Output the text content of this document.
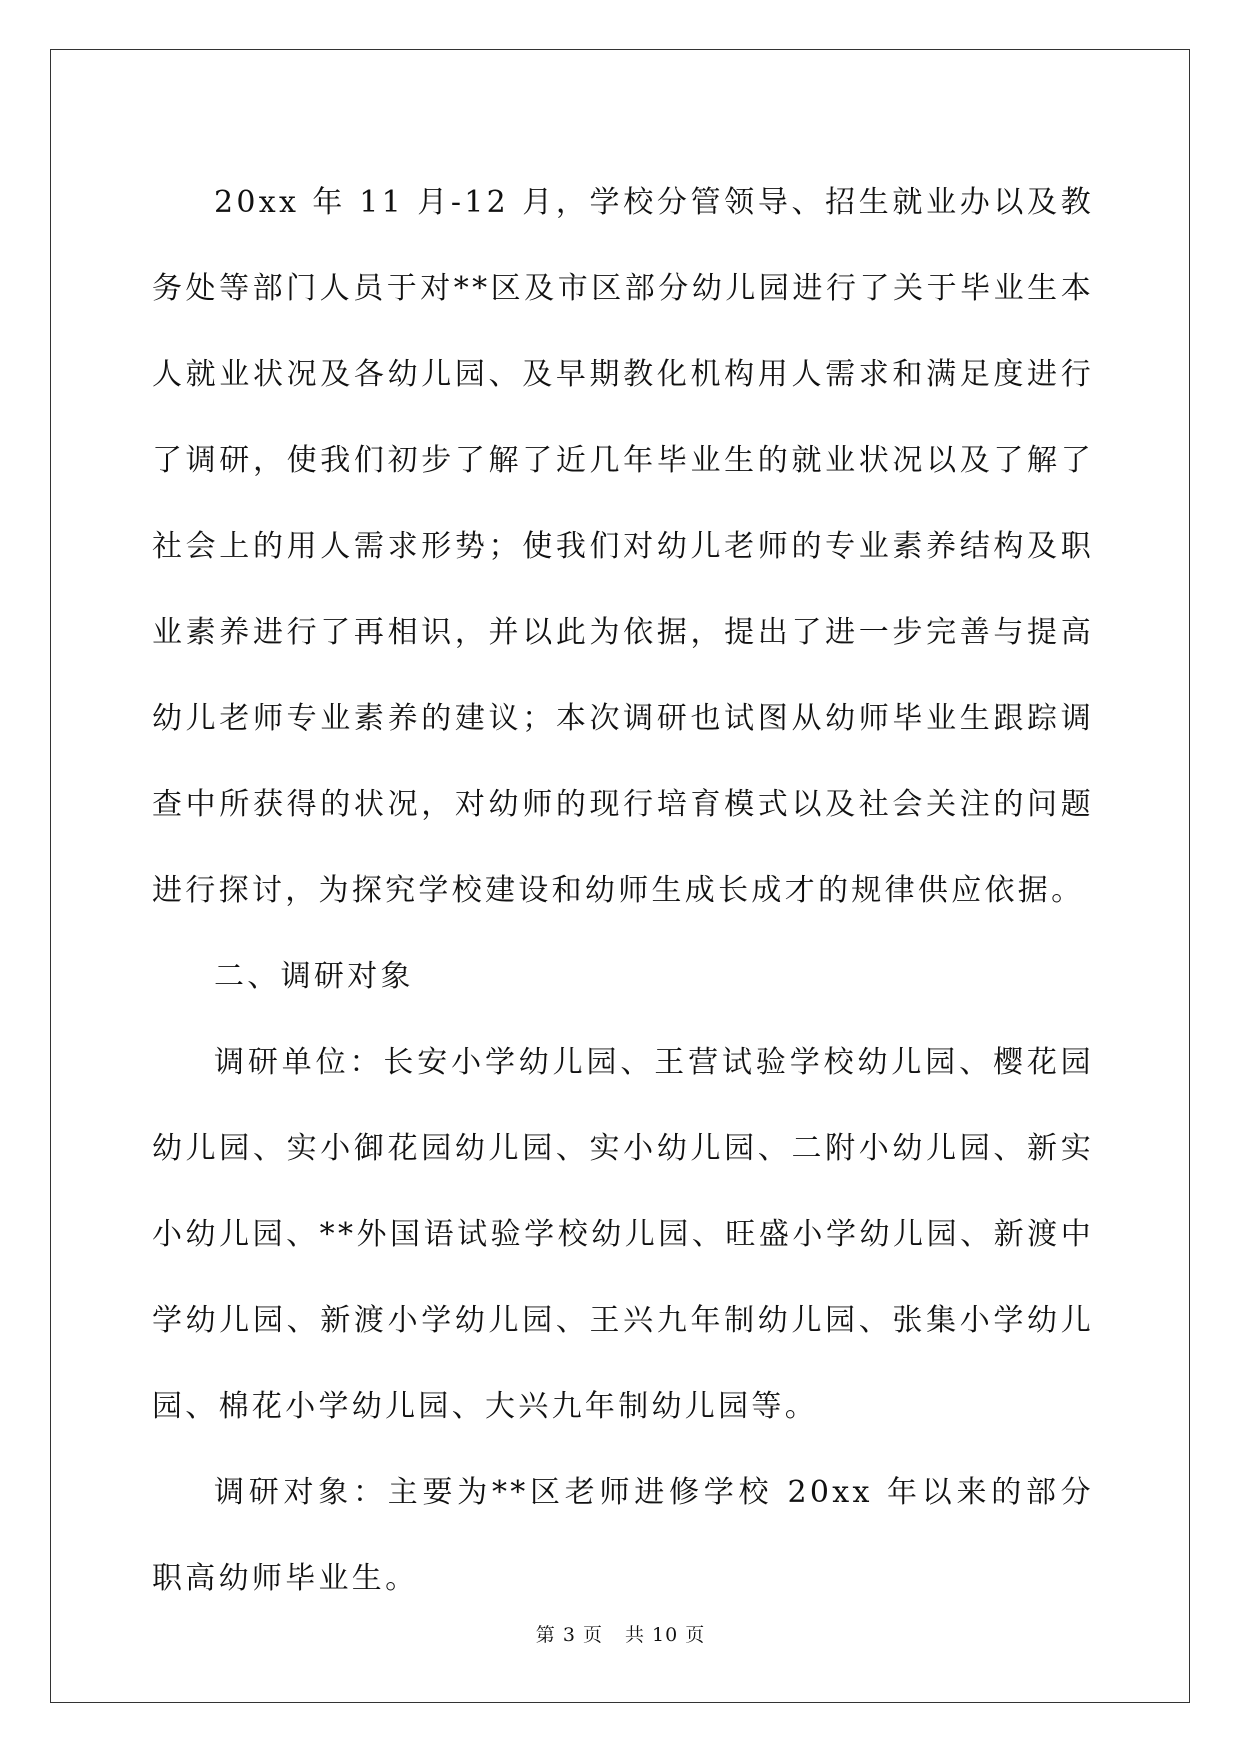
20xx 年 11 月-12 月，学校分管领导、招生就业办以及教务处等部门人员于对**区及市区部分幼儿园进行了关于毕业生本人就业状况及各幼儿园、及早期教化机构用人需求和满足度进行了调研，使我们初步了解了近几年毕业生的就业状况以及了解了社会上的用人需求形势；使我们对幼儿老师的专业素养结构及职业素养进行了再相识，并以此为依据，提出了进一步完善与提高幼儿老师专业素养的建议；本次调研也试图从幼师毕业生跟踪调查中所获得的状况，对幼师的现行培育模式以及社会关注的问题进行探讨，为探究学校建设和幼师生成长成才的规律供应依据。

二、调研对象

调研单位：长安小学幼儿园、王营试验学校幼儿园、樱花园幼儿园、实小御花园幼儿园、实小幼儿园、二附小幼儿园、新实小幼儿园、**外国语试验学校幼儿园、旺盛小学幼儿园、新渡中学幼儿园、新渡小学幼儿园、王兴九年制幼儿园、张集小学幼儿园、棉花小学幼儿园、大兴九年制幼儿园等。

调研对象：主要为**区老师进修学校 20xx 年以来的部分职高幼师毕业生。

第 3 页 共 10 页
